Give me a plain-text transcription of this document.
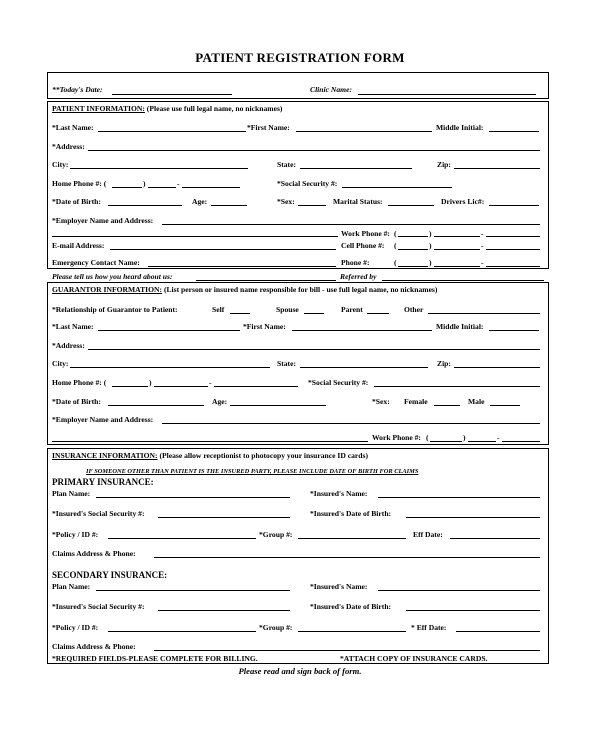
PATIENT REGISTRATION FORM
**Today's Date:	Clinic Name:
PATIENT INFORMATION: (Please use full legal name, no nicknames)
*Last Name:	*First Name:	Middle Initial:
*Address:
City:	State:	Zip:
Home Phone #: (	)	-	*Social Security #:
*Date of Birth:	Age:	*Sex:	Marital Status:	Drivers Lic#:
*Employer Name and Address:
Work Phone #: (	)	-
E-mail Address:	Cell Phone #: (	)	-
Emergency Contact Name:	Phone #:	(	)	-
Please tell us how you heard about us:	Referred by
GUARANTOR INFORMATION: (List person or insured name responsible for bill - use full legal name, no nicknames)
*Relationship of Guarantor to Patient:	Self	Spouse	Parent	Other
*Last Name:	*First Name:	Middle Initial:
*Address:
City:	State:	Zip:
Home Phone #: (	)	-	*Social Security #:
*Date of Birth:	Age:	*Sex: Female	Male
*Employer Name and Address:
Work Phone #: (	)	-
INSURANCE INFORMATION: (Please allow receptionist to photocopy your insurance ID cards)
IF SOMEONE OTHER THAN PATIENT IS THE INSURED PARTY, PLEASE INCLUDE DATE OF BIRTH FOR CLAIMS
PRIMARY INSURANCE:
Plan Name:	*Insured's Name:
*Insured's Social Security #:	*Insured's Date of Birth:
*Policy / ID #:	*Group #:	Eff Date:
Claims Address & Phone:
SECONDARY INSURANCE:
Plan Name:	*Insured's Name:
*Insured's Social Security #:	*Insured's Date of Birth:
*Policy / ID #:	*Group #:	* Eff Date:
Claims Address & Phone:
*REQUIRED FIELDS-PLEASE COMPLETE FOR BILLING.	*ATTACH COPY OF INSURANCE CARDS.
Please read and sign back of form.
